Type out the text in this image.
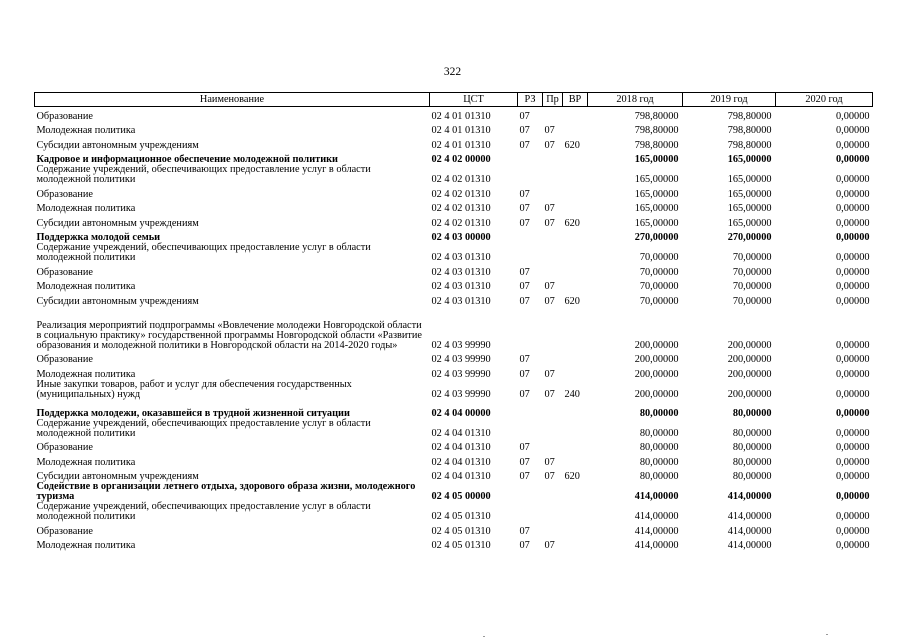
322
Наименование	ЦСТ	РЗ	Пр	ВР	2018 год	2019 год	2020 год
Образование	02 4 01 01310	07			798,80000	798,80000	0,00000
Молодежная политика	02 4 01 01310	07	07		798,80000	798,80000	0,00000
Субсидии автономным учреждениям	02 4 01 01310	07	07	620	798,80000	798,80000	0,00000
Кадровое и информационное обеспечение молодежной политики	02 4 02 00000				165,00000	165,00000	0,00000
Содержание учреждений, обеспечивающих предоставление услуг в области молодежной политики	02 4 02 01310				165,00000	165,00000	0,00000
Образование	02 4 02 01310	07			165,00000	165,00000	0,00000
Молодежная политика	02 4 02 01310	07	07		165,00000	165,00000	0,00000
Субсидии автономным учреждениям	02 4 02 01310	07	07	620	165,00000	165,00000	0,00000
Поддержка молодой семьи	02 4 03 00000				270,00000	270,00000	0,00000
Содержание учреждений, обеспечивающих предоставление услуг в области молодежной политики	02 4 03 01310				70,00000	70,00000	0,00000
Образование	02 4 03 01310	07			70,00000	70,00000	0,00000
Молодежная политика	02 4 03 01310	07	07		70,00000	70,00000	0,00000
Субсидии автономным учреждениям	02 4 03 01310	07	07	620	70,00000	70,00000	0,00000
Реализация мероприятий подпрограммы «Вовлечение молодежи Новгородской области в социальную практику» государственной программы Новгородской области «Развитие образования и молодежной политики в Новгородской области на 2014-2020 годы»	02 4 03 99990				200,00000	200,00000	0,00000
Образование	02 4 03 99990	07			200,00000	200,00000	0,00000
Молодежная политика	02 4 03 99990	07	07		200,00000	200,00000	0,00000
Иные закупки товаров, работ и услуг для обеспечения государственных (муниципальных) нужд	02 4 03 99990	07	07	240	200,00000	200,00000	0,00000
Поддержка молодежи, оказавшейся в трудной жизненной ситуации	02 4 04 00000				80,00000	80,00000	0,00000
Содержание учреждений, обеспечивающих предоставление услуг в области молодежной политики	02 4 04 01310				80,00000	80,00000	0,00000
Образование	02 4 04 01310	07			80,00000	80,00000	0,00000
Молодежная политика	02 4 04 01310	07	07		80,00000	80,00000	0,00000
Субсидии автономным учреждениям	02 4 04 01310	07	07	620	80,00000	80,00000	0,00000
Содействие в организации летнего отдыха, здорового образа жизни, молодежного туризма	02 4 05 00000				414,00000	414,00000	0,00000
Содержание учреждений, обеспечивающих предоставление услуг в области молодежной политики	02 4 05 01310				414,00000	414,00000	0,00000
Образование	02 4 05 01310	07			414,00000	414,00000	0,00000
Молодежная политика	02 4 05 01310	07	07		414,00000	414,00000	0,00000
